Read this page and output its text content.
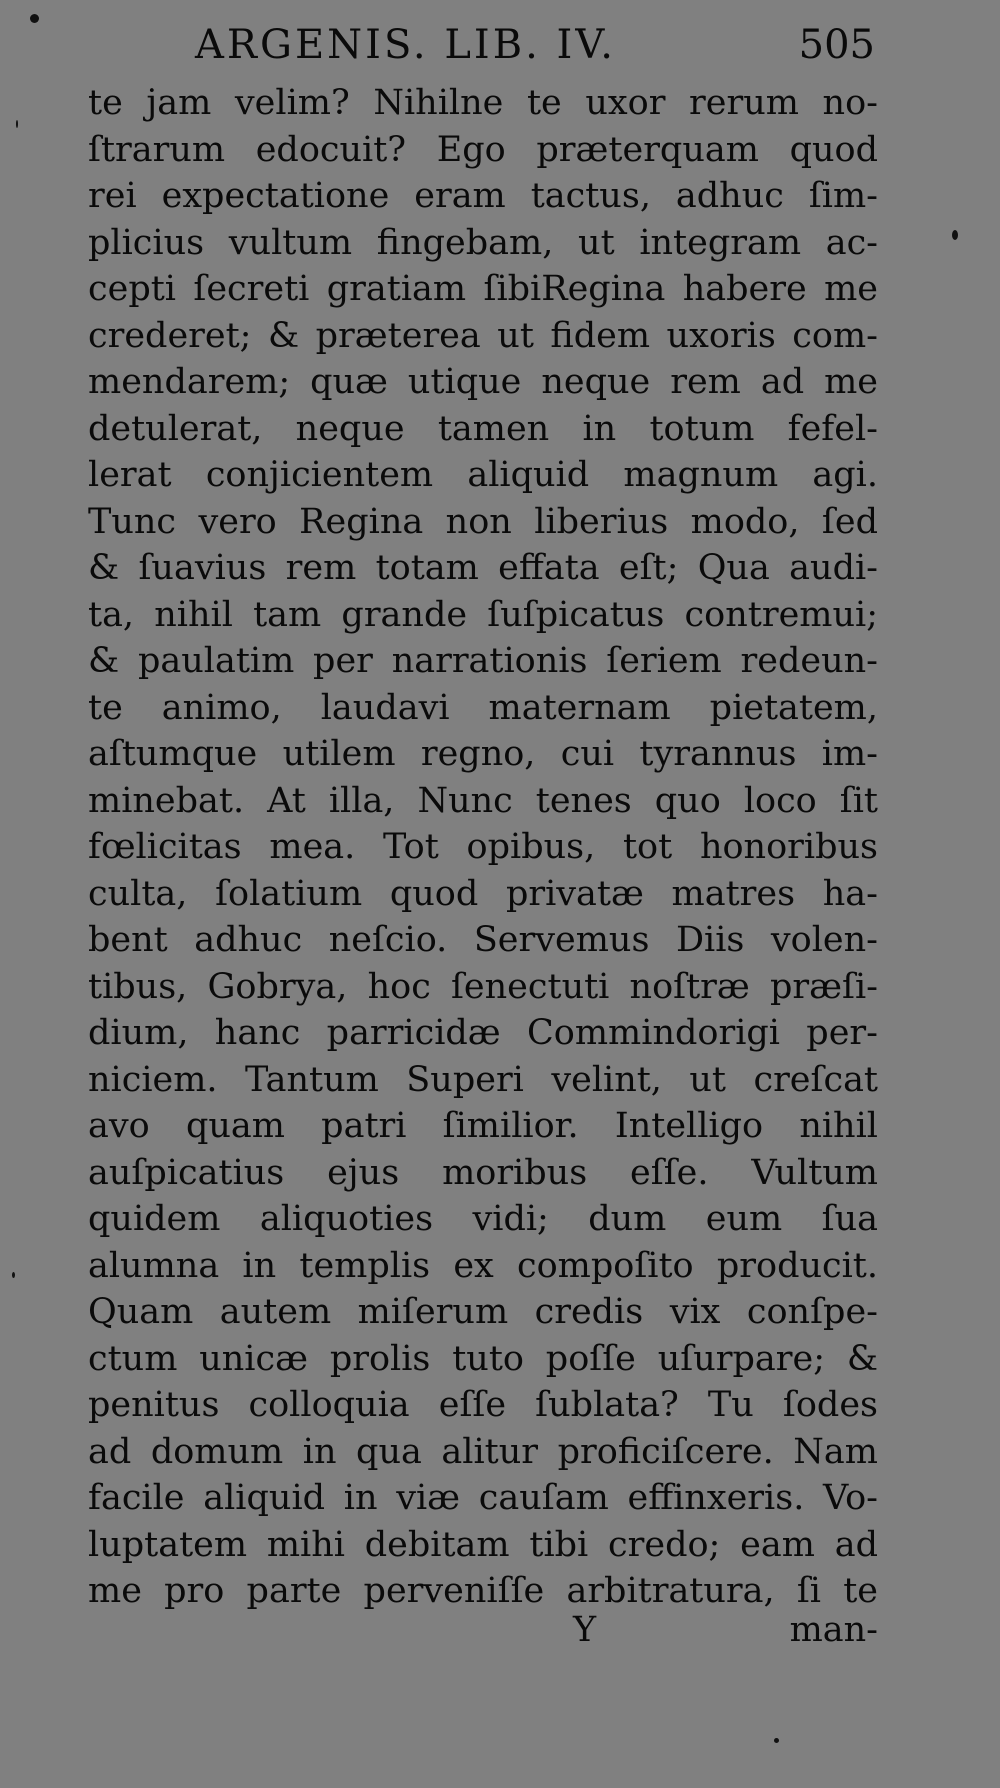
ARGENIS. LIB. IV.	505
te jam velim? Nihilne te uxor rerum no-
ſtrarum edocuit? Ego præterquam quod
rei expectatione eram tactus, adhuc ſim-
plicius vultum fingebam, ut integram ac-
cepti ſecreti gratiam ſibiRegina habere me
crederet; & præterea ut fidem uxoris com-
mendarem; quæ utique neque rem ad me
detulerat, neque tamen in totum fefel-
lerat conjicientem aliquid magnum agi.
Tunc vero Regina non liberius modo, ſed
& ſuavius rem totam effata eſt; Qua audi-
ta, nihil tam grande ſuſpicatus contremui;
& paulatim per narrationis ſeriem redeun-
te animo, laudavi maternam pietatem,
aſtumque utilem regno, cui tyrannus im-
minebat. At illa, Nunc tenes quo loco ſit
fœlicitas mea. Tot opibus, tot honoribus
culta, ſolatium quod privatæ matres ha-
bent adhuc neſcio. Servemus Diis volen-
tibus, Gobrya, hoc ſenectuti noſtræ præſi-
dium, hanc parricidæ Commindorigi per-
niciem. Tantum Superi velint, ut creſcat
avo quam patri ſimilior. Intelligo nihil
auſpicatius ejus moribus eſſe. Vultum
quidem aliquoties vidi; dum eum ſua
alumna in templis ex compoſito producit.
Quam autem miſerum credis vix conſpe-
ctum unicæ prolis tuto poſſe uſurpare; &
penitus colloquia eſſe ſublata? Tu ſodes
ad domum in qua alitur proficiſcere. Nam
facile aliquid in viæ cauſam effinxeris. Vo-
luptatem mihi debitam tibi credo; eam ad
me pro parte perveniſſe arbitratura, ſi te
Y	man-
